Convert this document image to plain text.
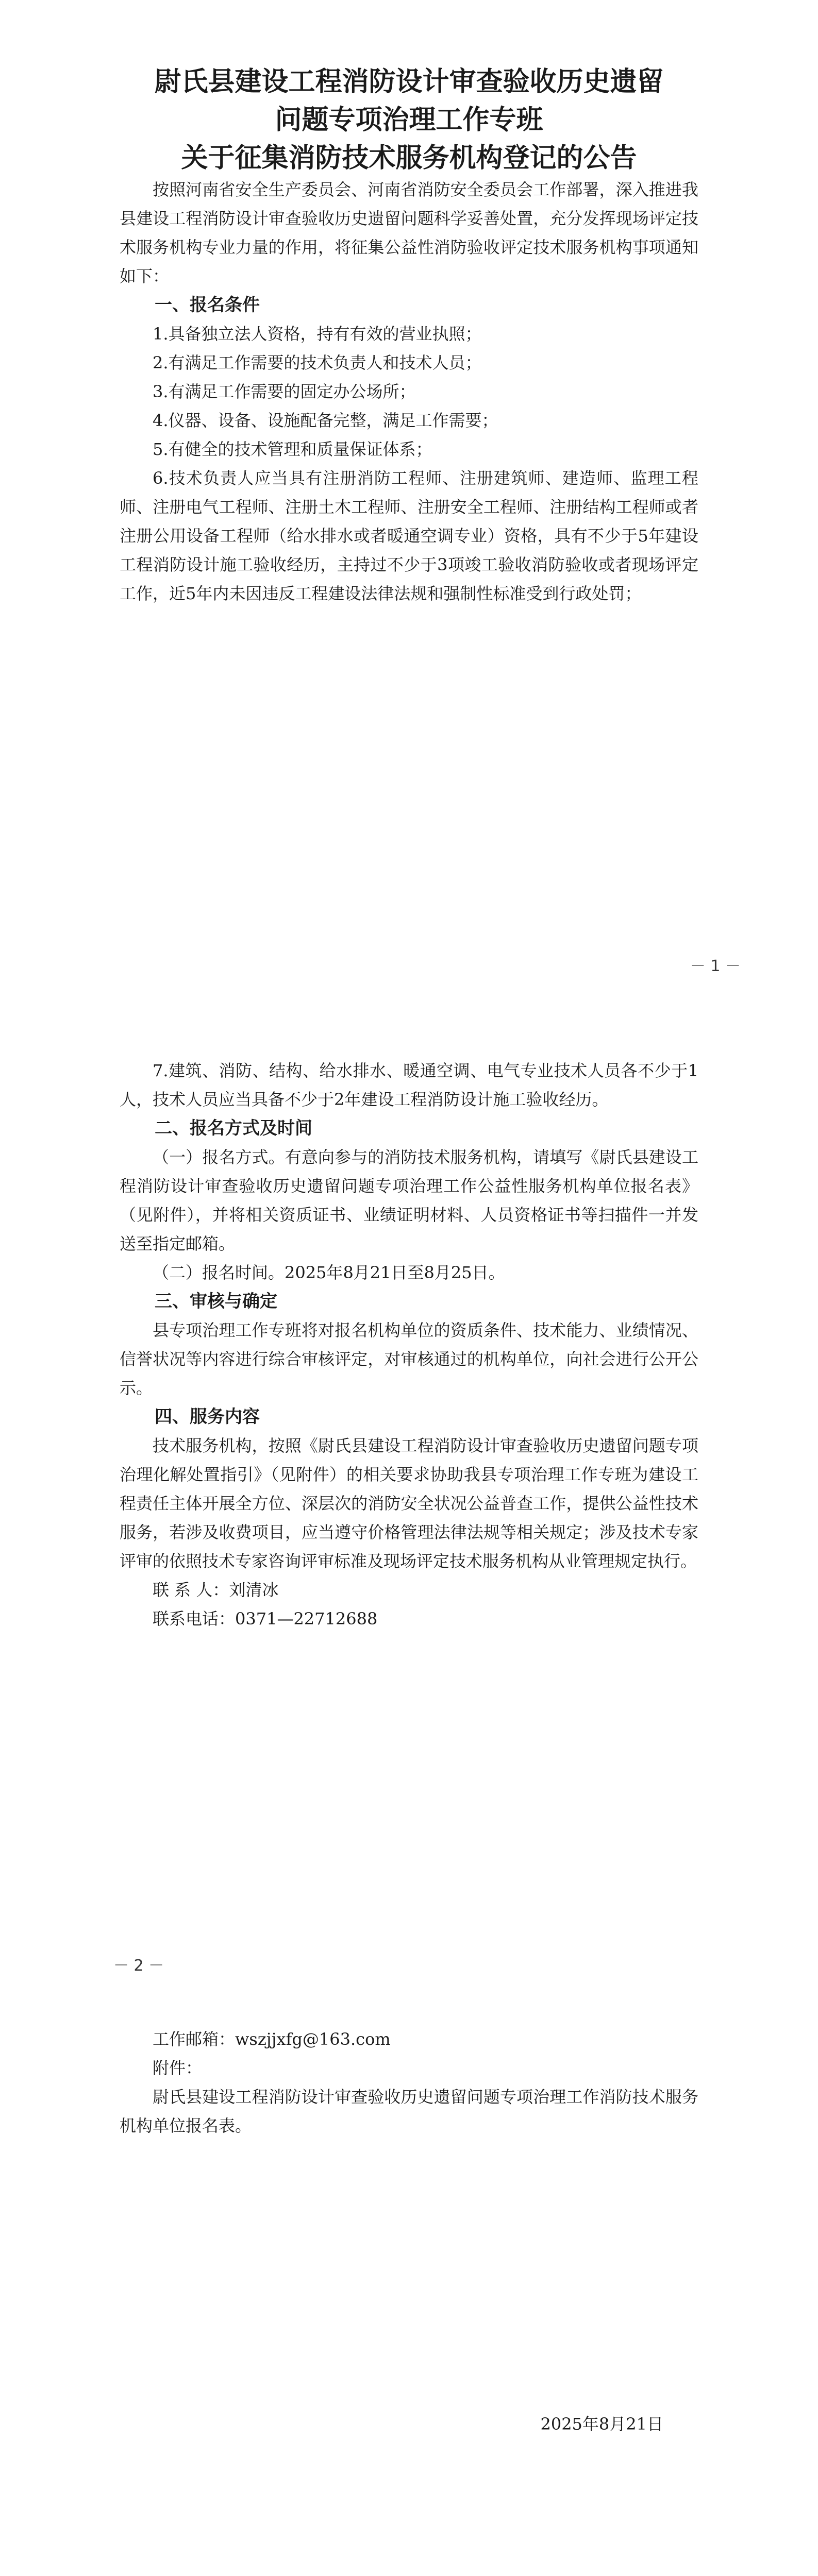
尉氏县建设工程消防设计审查验收历史遗留

问题专项治理工作专班

关于征集消防技术服务机构登记的公告

按照河南省安全生产委员会、河南省消防安全委员会工作部署，深入推进我县建设工程消防设计审查验收历史遗留问题科学妥善处置，充分发挥现场评定技术服务机构专业力量的作用，将征集公益性消防验收评定技术服务机构事项通知如下：

一、报名条件

1.具备独立法人资格，持有有效的营业执照；

2.有满足工作需要的技术负责人和技术人员；

3.有满足工作需要的固定办公场所；

4.仪器、设备、设施配备完整，满足工作需要；

5.有健全的技术管理和质量保证体系；

6.技术负责人应当具有注册消防工程师、注册建筑师、建造师、监理工程师、注册电气工程师、注册土木工程师、注册安全工程师、注册结构工程师或者注册公用设备工程师（给水排水或者暖通空调专业）资格，具有不少于5年建设工程消防设计施工验收经历，主持过不少于3项竣工验收消防验收或者现场评定工作，近5年内未因违反工程建设法律法规和强制性标准受到行政处罚；

－ 1 －

7.建筑、消防、结构、给水排水、暖通空调、电气专业技术人员各不少于1人，技术人员应当具备不少于2年建设工程消防设计施工验收经历。

二、报名方式及时间

（一）报名方式。有意向参与的消防技术服务机构，请填写《尉氏县建设工程消防设计审查验收历史遗留问题专项治理工作公益性服务机构单位报名表》（见附件），并将相关资质证书、业绩证明材料、人员资格证书等扫描件一并发送至指定邮箱。

（二）报名时间。2025年8月21日至8月25日。

三、审核与确定

县专项治理工作专班将对报名机构单位的资质条件、技术能力、业绩情况、信誉状况等内容进行综合审核评定，对审核通过的机构单位，向社会进行公开公示。

四、服务内容

技术服务机构，按照《尉氏县建设工程消防设计审查验收历史遗留问题专项治理化解处置指引》（见附件）的相关要求协助我县专项治理工作专班为建设工程责任主体开展全方位、深层次的消防安全状况公益普查工作，提供公益性技术服务，若涉及收费项目，应当遵守价格管理法律法规等相关规定；涉及技术专家评审的依照技术专家咨询评审标准及现场评定技术服务机构从业管理规定执行。

联 系 人：刘清冰

联系电话：0371—22712688

－ 2 －

工作邮箱：wszjjxfg@163.com

附件：

尉氏县建设工程消防设计审查验收历史遗留问题专项治理工作消防技术服务机构单位报名表。

2025年8月21日
